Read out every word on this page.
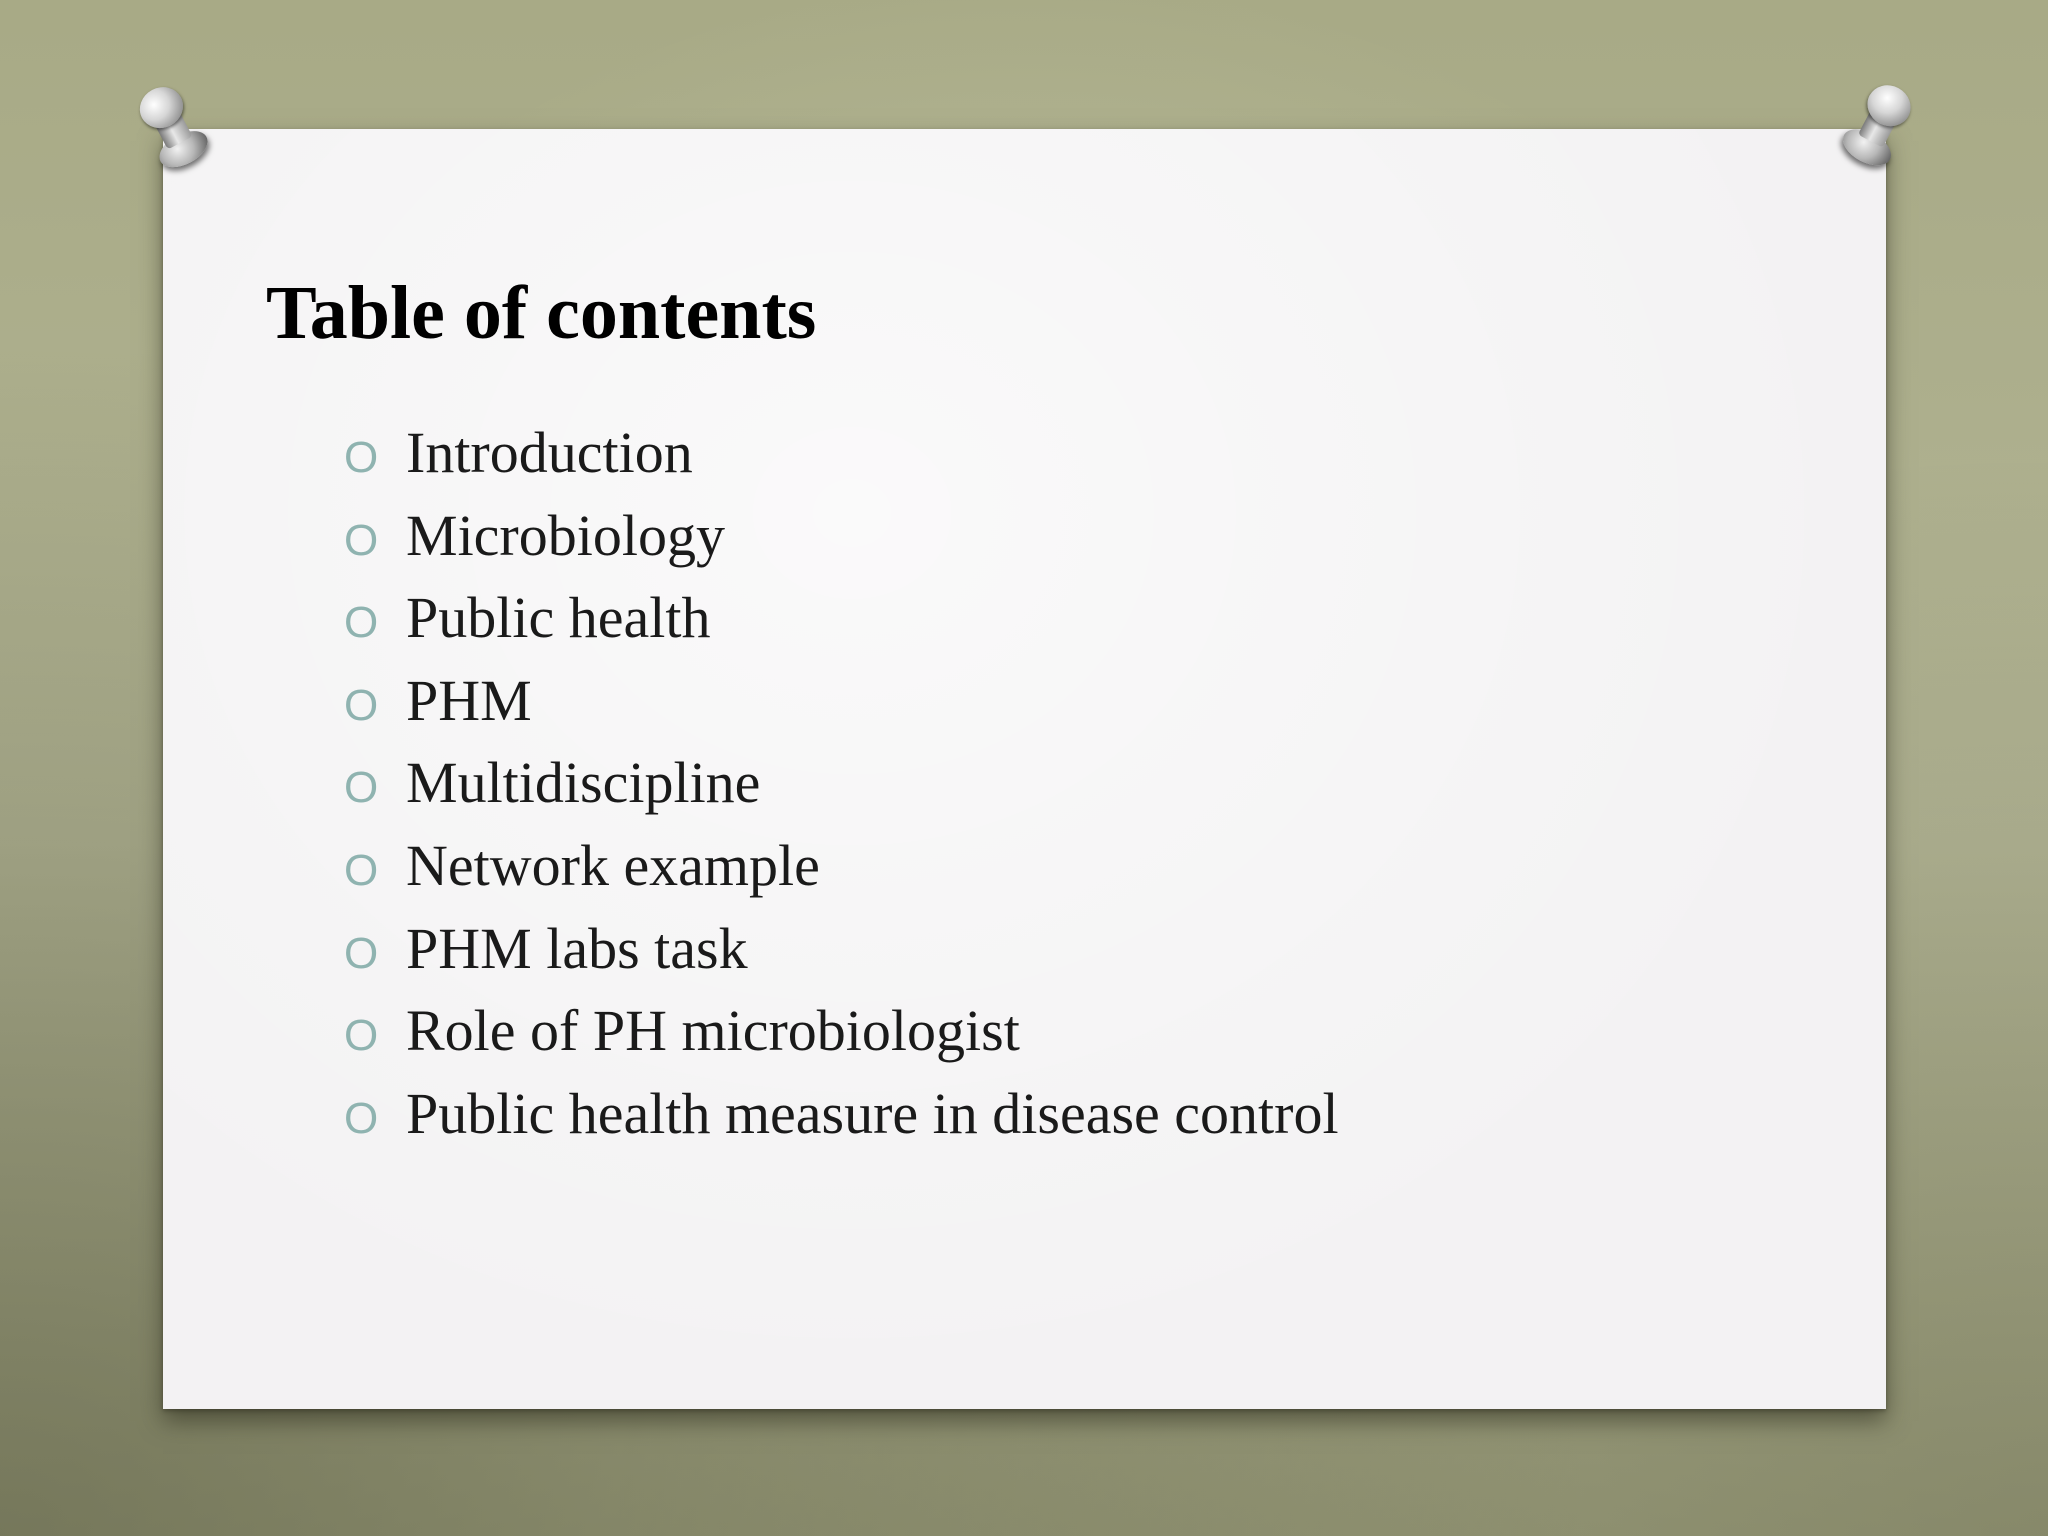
Table of contents
O Introduction
O Microbiology
O Public health
O PHM
O Multidiscipline
O Network example
O PHM labs task
O Role of PH microbiologist
O Public health measure in disease control
